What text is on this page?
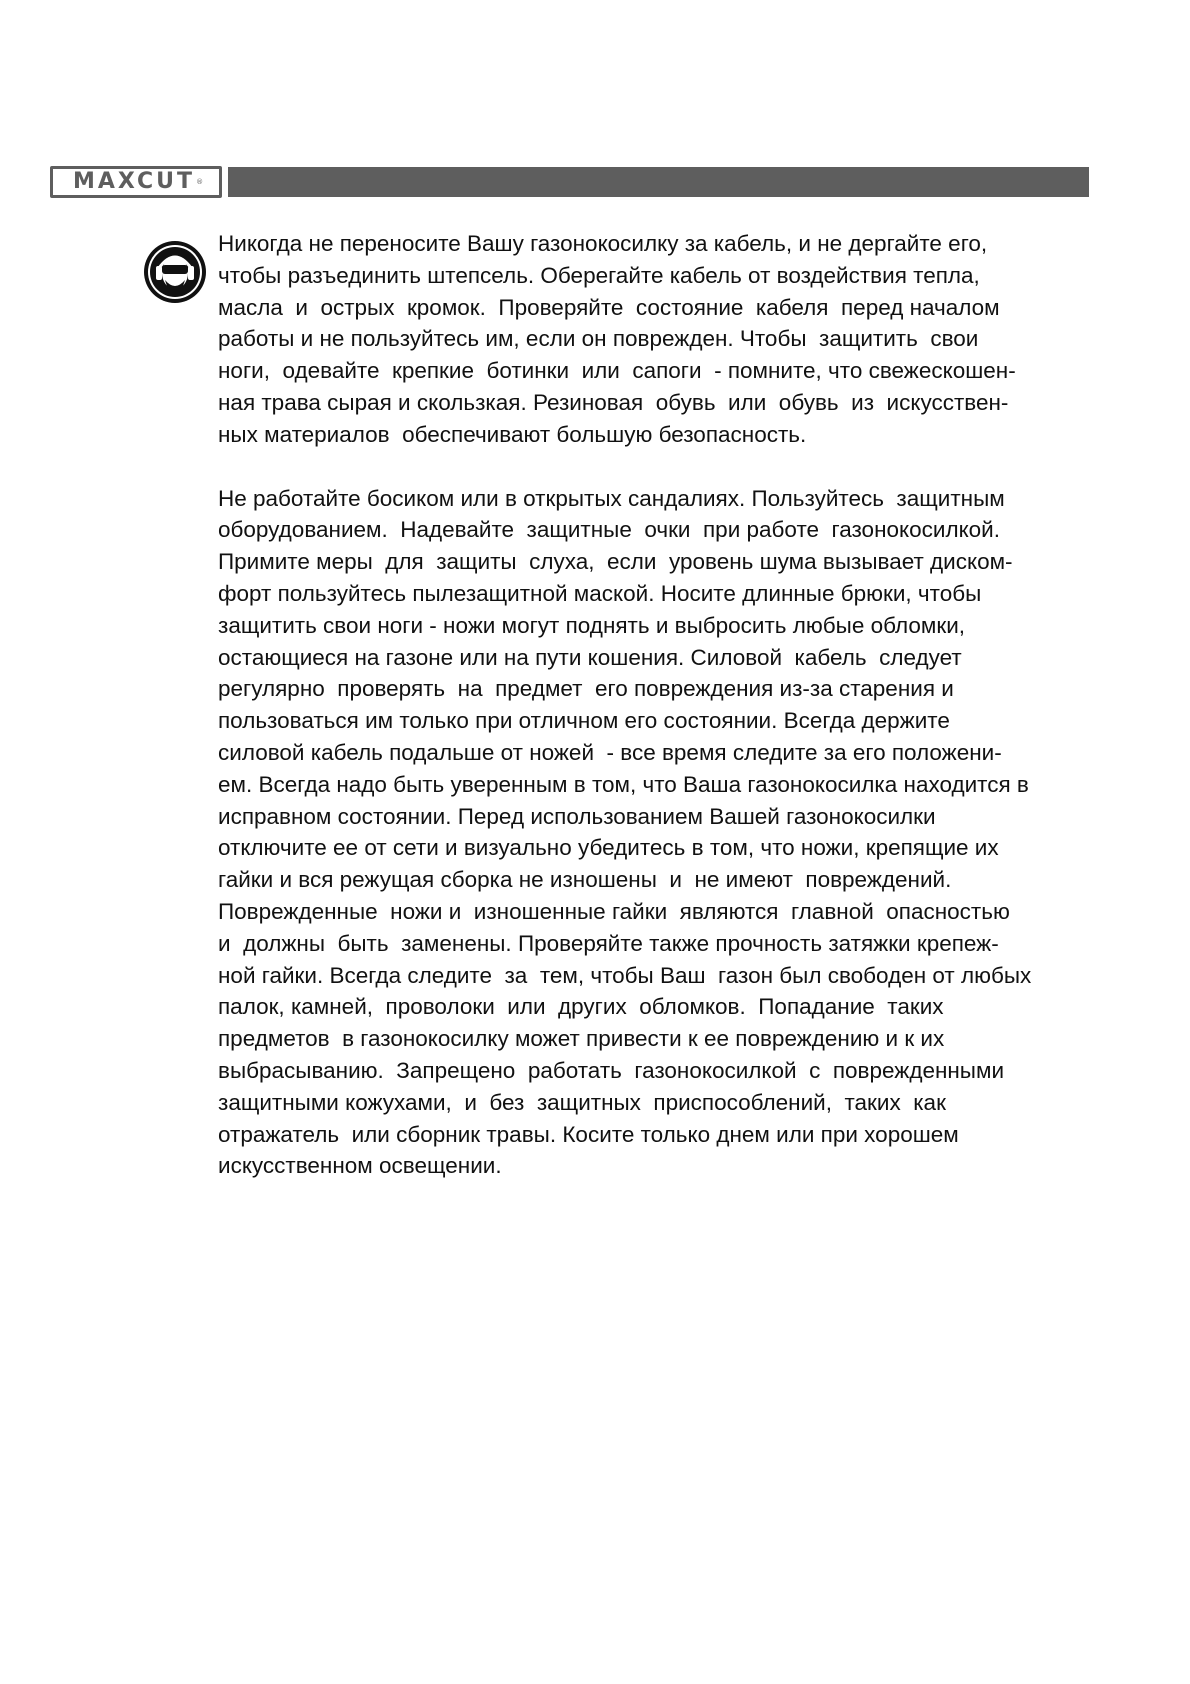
MAXCUT ®
Никогда не переносите Вашу газонокосилку за кабель, и не дергайте его,
чтобы разъединить штепсель. Оберегайте кабель от воздействия тепла,
масла  и  острых  кромок.  Проверяйте  состояние  кабеля  перед началом
работы и не пользуйтесь им, если он поврежден. Чтобы  защитить  свои
ноги,  одевайте  крепкие  ботинки  или  сапоги  - помните, что свежескошен-
ная трава сырая и скользкая. Резиновая  обувь  или  обувь  из  искусствен-
ных материалов  обеспечивают большую безопасность.
Не работайте босиком или в открытых сандалиях. Пользуйтесь  защитным
оборудованием.  Надевайте  защитные  очки  при работе  газонокосилкой.
Примите меры  для  защиты  слуха,  если  уровень шума вызывает диском-
форт пользуйтесь пылезащитной маской. Носите длинные брюки, чтобы
защитить свои ноги - ножи могут поднять и выбросить любые обломки,
остающиеся на газоне или на пути кошения. Силовой  кабель  следует
регулярно  проверять  на  предмет  его повреждения из-за старения и
пользоваться им только при отличном его состоянии. Всегда держите
силовой кабель подальше от ножей  - все время следите за его положени-
ем. Всегда надо быть уверенным в том, что Ваша газонокосилка находится в
исправном состоянии. Перед использованием Вашей газонокосилки
отключите ее от сети и визуально убедитесь в том, что ножи, крепящие их
гайки и вся режущая сборка не изношены  и  не имеют  повреждений.
Поврежденные  ножи и  изношенные гайки  являются  главной  опасностью
и  должны  быть  заменены. Проверяйте также прочность затяжки крепеж-
ной гайки. Всегда следите  за  тем, чтобы Ваш  газон был свободен от любых
палок, камней,  проволоки  или  других  обломков.  Попадание  таких
предметов  в газонокосилку может привести к ее повреждению и к их
выбрасыванию.  Запрещено  работать  газонокосилкой  с  поврежденными
защитными кожухами,  и  без  защитных  приспособлений,  таких  как
отражатель  или сборник травы. Косите только днем или при хорошем
искусственном освещении.
